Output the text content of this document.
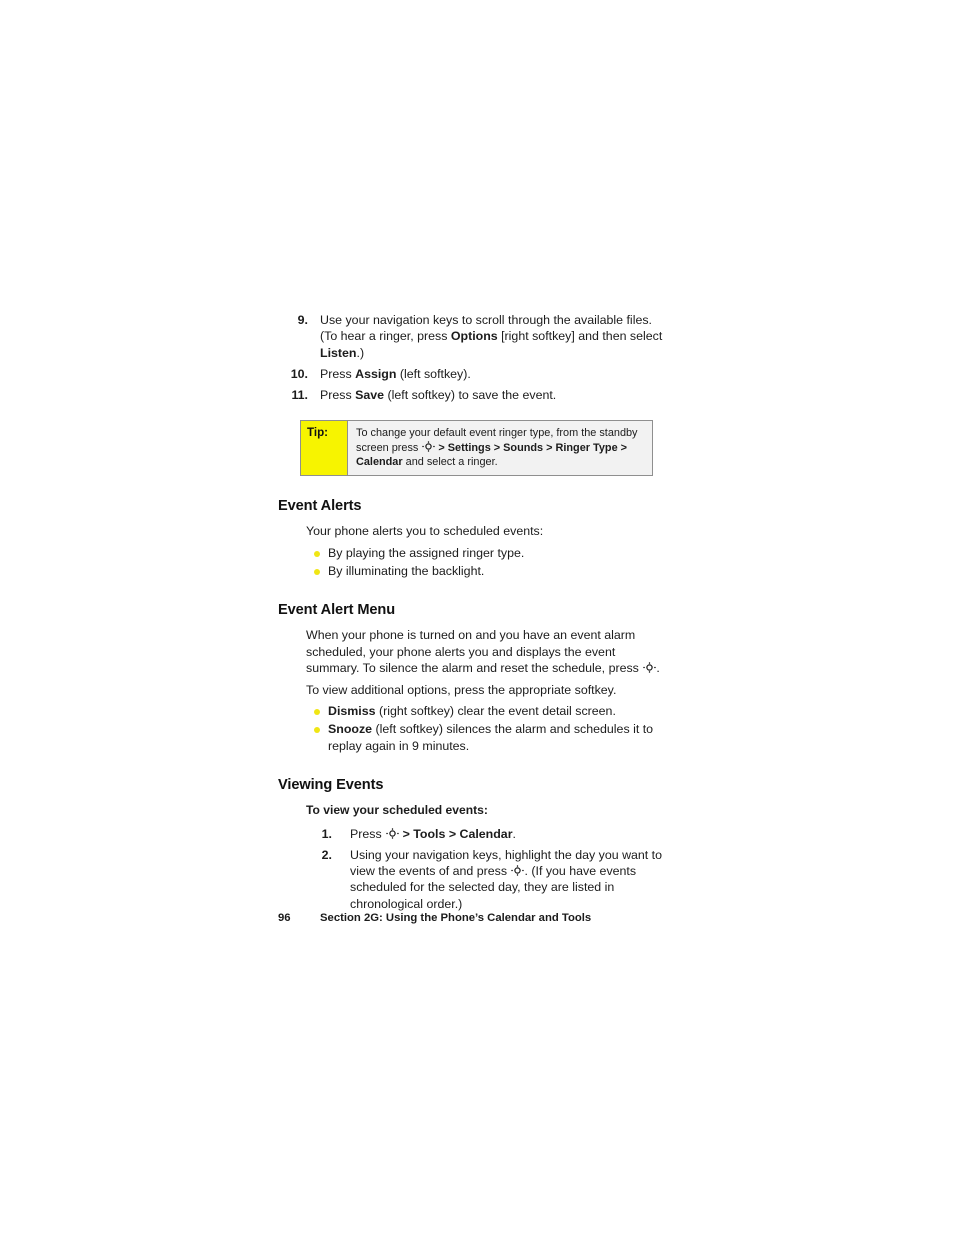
9. Use your navigation keys to scroll through the available files. (To hear a ringer, press Options [right softkey] and then select Listen.)
10. Press Assign (left softkey).
11. Press Save (left softkey) to save the event.
Tip:	To change your default event ringer type, from the standby screen press
> Settings > Sounds > Ringer Type > Calendar and select a ringer.
Event Alerts

Your phone alerts you to scheduled events:

By playing the assigned ringer type.
By illuminating the backlight.
Event Alert Menu

When your phone is turned on and you have an event alarm scheduled, your phone alerts you and displays the event summary. To silence the alarm and reset the schedule, press
.

To view additional options, press the appropriate softkey.

Dismiss (right softkey) clear the event detail screen.
Snooze (left softkey) silences the alarm and schedules it to replay again in 9 minutes.
Viewing Events

To view your scheduled events:

1. Press
> Tools > Calendar.
2. Using your navigation keys, highlight the day you want to view the events of and press
. (If you have events scheduled for the selected day, they are listed in chronological order.)
96	Section 2G: Using the Phone’s Calendar and Tools
